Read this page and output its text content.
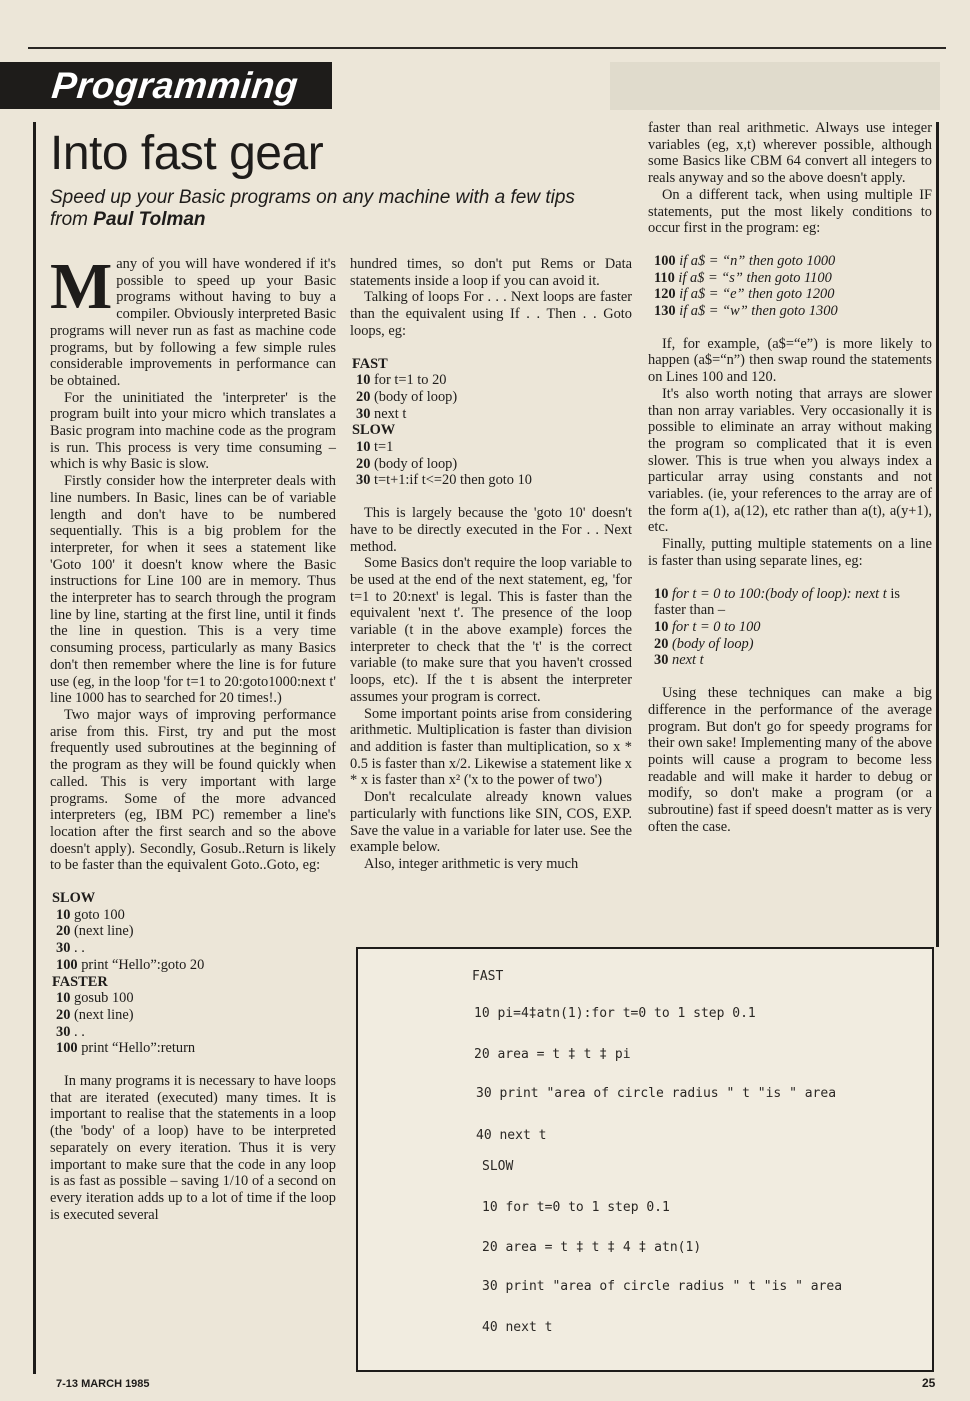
Programming
Into fast gear

Speed up your Basic programs on any machine with a few tips from Paul Tolman

Many of you will have wondered if it's possible to speed up your Basic programs without having to buy a compiler. Obviously interpreted Basic programs will never run as fast as machine code programs, but by following a few simple rules considerable improvements in performance can be obtained.

For the uninitiated the 'interpreter' is the program built into your micro which translates a Basic program into machine code as the program is run. This process is very time consuming – which is why Basic is slow.

Firstly consider how the interpreter deals with line numbers. In Basic, lines can be of variable length and don't have to be numbered sequentially. This is a big problem for the interpreter, for when it sees a statement like 'Goto 100' it doesn't know where the Basic instructions for Line 100 are in memory. Thus the interpreter has to search through the program line by line, starting at the first line, until it finds the line in question. This is a very time consuming process, particularly as many Basics don't then remember where the line is for future use (eg, in the loop 'for t=1 to 20:goto1000:next t' line 1000 has to searched for 20 times!.)

Two major ways of improving performance arise from this. First, try and put the most frequently used subroutines at the beginning of the program as they will be found quickly when called. This is very important with large programs. Some of the more advanced interpreters (eg, IBM PC) remember a line's location after the first search and so the above doesn't apply). Secondly, Gosub..Return is likely to be faster than the equivalent Goto..Goto, eg:

SLOW
10 goto 100
20 (next line)
30 . .
100 print “Hello”:goto 20
FASTER
10 gosub 100
20 (next line)
30 . .
100 print “Hello”:return

In many programs it is necessary to have loops that are iterated (executed) many times. It is important to realise that the statements in a loop (the 'body' of a loop) have to be interpreted separately on every iteration. Thus it is very important to make sure that the code in any loop is as fast as possible – saving 1/10 of a second on every iteration adds up to a lot of time if the loop is executed several

hundred times, so don't put Rems or Data statements inside a loop if you can avoid it.

Talking of loops For . . . Next loops are faster than the equivalent using If . . Then . . Goto loops, eg:

FAST
10 for t=1 to 20
20 (body of loop)
30 next t
SLOW
10 t=1
20 (body of loop)
30 t=t+1:if t<=20 then goto 10

This is largely because the 'goto 10' doesn't have to be directly executed in the For . . Next method.

Some Basics don't require the loop variable to be used at the end of the next statement, eg, 'for t=1 to 20:next' is legal. This is faster than the equivalent 'next t'. The presence of the loop variable (t in the above example) forces the interpreter to check that the 't' is the correct variable (to make sure that you haven't crossed loops, etc). If the t is absent the interpreter assumes your program is correct.

Some important points arise from considering arithmetic. Multiplication is faster than division and addition is faster than multiplication, so x * 0.5 is faster than x/2. Likewise a statement like x * x is faster than x² ('x to the power of two')

Don't recalculate already known values particularly with functions like SIN, COS, EXP. Save the value in a variable for later use. See the example below.

Also, integer arithmetic is very much

faster than real arithmetic. Always use integer variables (eg, x,t) wherever possible, although some Basics like CBM 64 convert all integers to reals anyway and so the above doesn't apply.

On a different tack, when using multiple IF statements, put the most likely conditions to occur first in the program: eg:

100 if a$ = “n” then goto 1000
110 if a$ = “s” then goto 1100
120 if a$ = “e” then goto 1200
130 if a$ = “w” then goto 1300

If, for example, (a$=“e”) is more likely to happen (a$=“n”) then swap round the statements on Lines 100 and 120.

It's also worth noting that arrays are slower than non array variables. Very occasionally it is possible to eliminate an array without making the program so complicated that it is even slower. This is true when you always index a particular array using constants and not variables. (ie, your references to the array are of the form a(1), a(12), etc rather than a(t), a(y+1), etc.

Finally, putting multiple statements on a line is faster than using separate lines, eg:

10 for t = 0 to 100:(body of loop): next t is
faster than –
10 for t = 0 to 100
20 (body of loop)
30 next t

Using these techniques can make a big difference in the performance of the average program. But don't go for speedy programs for their own sake! Implementing many of the above points will cause a program to become less readable and will make it harder to debug or modify, so don't make a program (or a subroutine) fast if speed doesn't matter as is very often the case.

FAST
10 pi=4‡atn(1):for t=0 to 1 step 0.1
20 area = t ‡ t ‡ pi
30 print "area of circle radius " t "is " area
40 next t
SLOW
10 for t=0 to 1 step 0.1
20 area = t ‡ t ‡ 4 ‡ atn(1)
30 print "area of circle radius " t "is " area
40 next t
7-13 MARCH 1985	25
